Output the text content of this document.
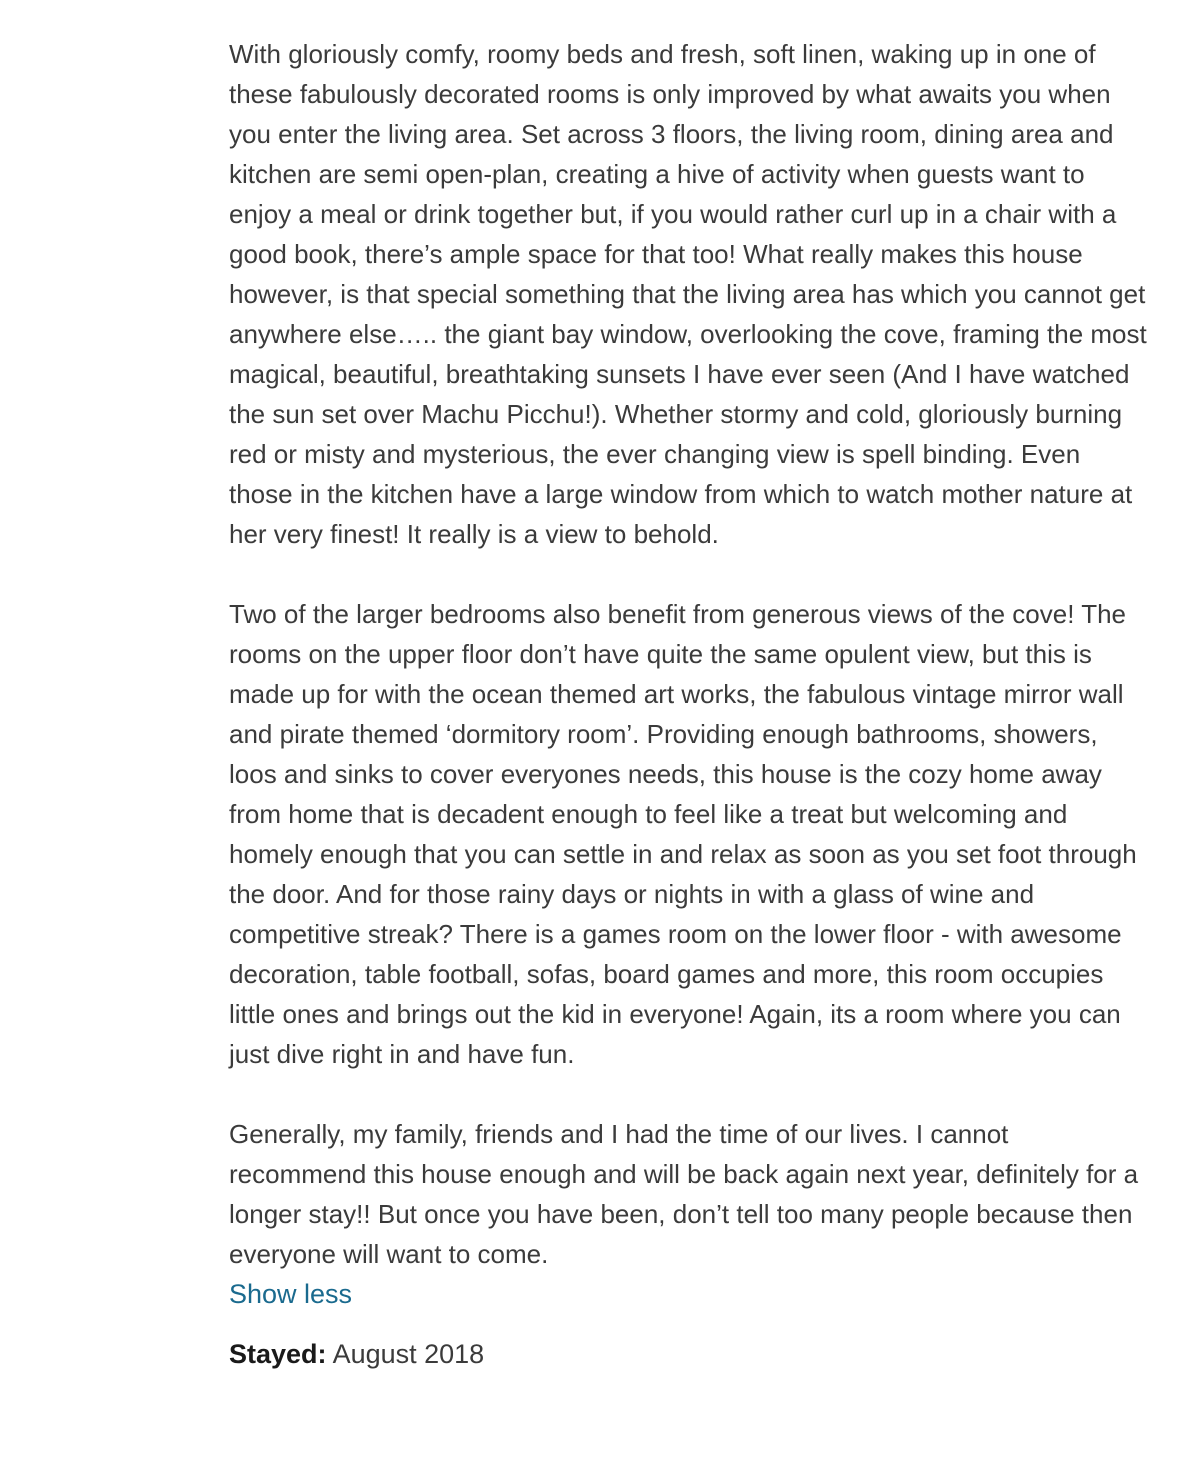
With gloriously comfy, roomy beds and fresh, soft linen, waking up in one of these fabulously decorated rooms is only improved by what awaits you when you enter the living area. Set across 3 floors, the living room, dining area and kitchen are semi open-plan, creating a hive of activity when guests want to enjoy a meal or drink together but, if you would rather curl up in a chair with a good book, there’s ample space for that too! What really makes this house however, is that special something that the living area has which you cannot get anywhere else….. the giant bay window, overlooking the cove, framing the most magical, beautiful, breathtaking sunsets I have ever seen (And I have watched the sun set over Machu Picchu!). Whether stormy and cold, gloriously burning red or misty and mysterious, the ever changing view is spell binding. Even those in the kitchen have a large window from which to watch mother nature at her very finest! It really is a view to behold.

Two of the larger bedrooms also benefit from generous views of the cove! The rooms on the upper floor don’t have quite the same opulent view, but this is made up for with the ocean themed art works, the fabulous vintage mirror wall and pirate themed ‘dormitory room’. Providing enough bathrooms, showers, loos and sinks to cover everyones needs, this house is the cozy home away from home that is decadent enough to feel like a treat but welcoming and homely enough that you can settle in and relax as soon as you set foot through the door. And for those rainy days or nights in with a glass of wine and competitive streak? There is a games room on the lower floor - with awesome decoration, table football, sofas, board games and more, this room occupies little ones and brings out the kid in everyone! Again, its a room where you can just dive right in and have fun.

Generally, my family, friends and I had the time of our lives. I cannot recommend this house enough and will be back again next year, definitely for a longer stay!! But once you have been, don’t tell too many people because then everyone will want to come.

Show less
Stayed: August 2018
